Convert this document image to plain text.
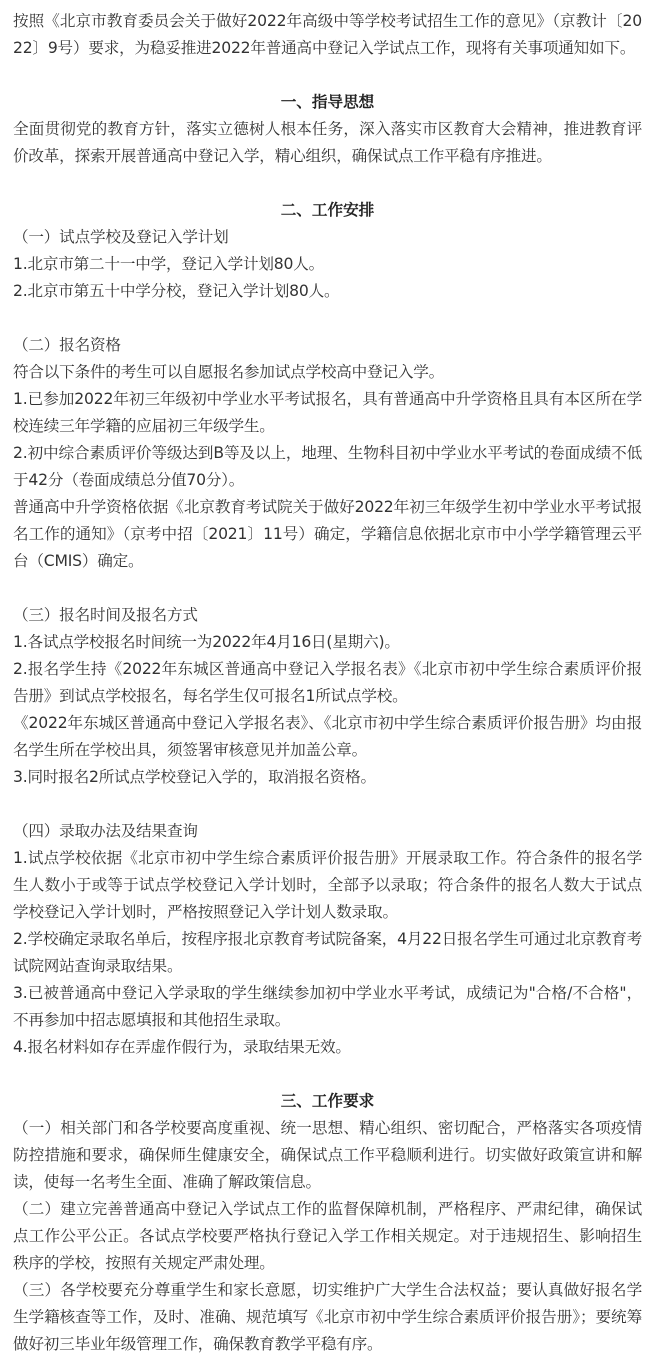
按照《北京市教育委员会关于做好2022年高级中等学校考试招生工作的意见》（京教计〔2022〕9号）要求，为稳妥推进2022年普通高中登记入学试点工作，现将有关事项通知如下。

一、指导思想

全面贯彻党的教育方针，落实立德树人根本任务，深入落实市区教育大会精神，推进教育评价改革，探索开展普通高中登记入学，精心组织，确保试点工作平稳有序推进。

二、工作安排

（一）试点学校及登记入学计划

1.北京市第二十一中学，登记入学计划80人。

2.北京市第五十中学分校，登记入学计划80人。

（二）报名资格

符合以下条件的考生可以自愿报名参加试点学校高中登记入学。

1.已参加2022年初三年级初中学业水平考试报名，具有普通高中升学资格且具有本区所在学校连续三年学籍的应届初三年级学生。

2.初中综合素质评价等级达到B等及以上，地理、生物科目初中学业水平考试的卷面成绩不低于42分（卷面成绩总分值70分）。

普通高中升学资格依据《北京教育考试院关于做好2022年初三年级学生初中学业水平考试报名工作的通知》（京考中招〔2021〕11号）确定，学籍信息依据北京市中小学学籍管理云平台（CMIS）确定。

（三）报名时间及报名方式

1.各试点学校报名时间统一为2022年4月16日(星期六)。

2.报名学生持《2022年东城区普通高中登记入学报名表》《北京市初中学生综合素质评价报告册》到试点学校报名，每名学生仅可报名1所试点学校。

《2022年东城区普通高中登记入学报名表》、《北京市初中学生综合素质评价报告册》均由报名学生所在学校出具，须签署审核意见并加盖公章。

3.同时报名2所试点学校登记入学的，取消报名资格。

（四）录取办法及结果查询

1.试点学校依据《北京市初中学生综合素质评价报告册》开展录取工作。符合条件的报名学生人数小于或等于试点学校登记入学计划时，全部予以录取；符合条件的报名人数大于试点学校登记入学计划时，严格按照登记入学计划人数录取。

2.学校确定录取名单后，按程序报北京教育考试院备案，4月22日报名学生可通过北京教育考试院网站查询录取结果。

3.已被普通高中登记入学录取的学生继续参加初中学业水平考试，成绩记为"合格/不合格"，不再参加中招志愿填报和其他招生录取。

4.报名材料如存在弄虚作假行为，录取结果无效。

三、工作要求

（一）相关部门和各学校要高度重视、统一思想、精心组织、密切配合，严格落实各项疫情防控措施和要求，确保师生健康安全，确保试点工作平稳顺利进行。切实做好政策宣讲和解读，使每一名考生全面、准确了解政策信息。

（二）建立完善普通高中登记入学试点工作的监督保障机制，严格程序、严肃纪律，确保试点工作公平公正。各试点学校要严格执行登记入学工作相关规定。对于违规招生、影响招生秩序的学校，按照有关规定严肃处理。

（三）各学校要充分尊重学生和家长意愿，切实维护广大学生合法权益；要认真做好报名学生学籍核查等工作，及时、准确、规范填写《北京市初中学生综合素质评价报告册》；要统筹做好初三毕业年级管理工作，确保教育教学平稳有序。
